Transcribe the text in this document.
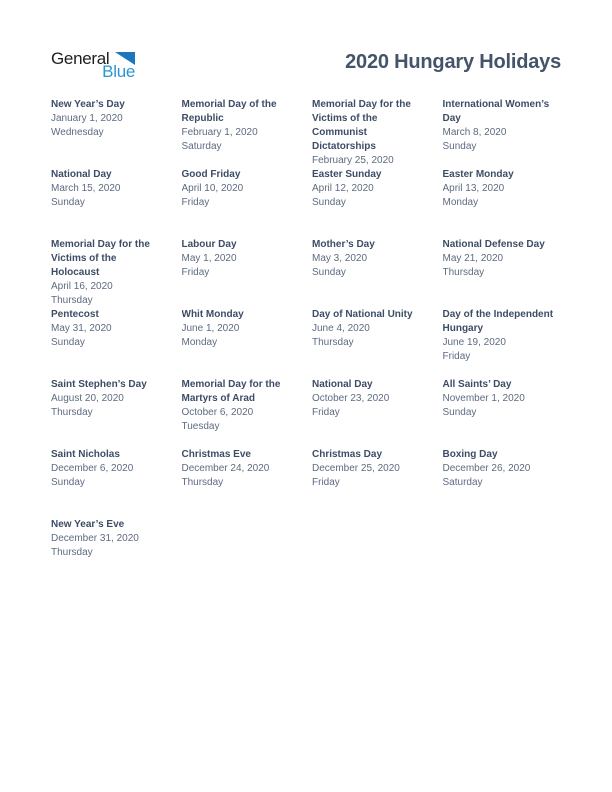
General
Blue	2020 Hungary Holidays
New Year’s Day
January 1, 2020
Wednesday
Memorial Day of the Republic
February 1, 2020
Saturday
Memorial Day for the Victims of the Communist Dictatorships
February 25, 2020
International Women’s Day
March 8, 2020
Sunday
National Day
March 15, 2020
Sunday
Good Friday
April 10, 2020
Friday
Easter Sunday
April 12, 2020
Sunday
Easter Monday
April 13, 2020
Monday
Memorial Day for the Victims of the Holocaust
April 16, 2020
Thursday
Labour Day
May 1, 2020
Friday
Mother’s Day
May 3, 2020
Sunday
National Defense Day
May 21, 2020
Thursday
Pentecost
May 31, 2020
Sunday
Whit Monday
June 1, 2020
Monday
Day of National Unity
June 4, 2020
Thursday
Day of the Independent Hungary
June 19, 2020
Friday
Saint Stephen’s Day
August 20, 2020
Thursday
Memorial Day for the Martyrs of Arad
October 6, 2020
Tuesday
National Day
October 23, 2020
Friday
All Saints’ Day
November 1, 2020
Sunday
Saint Nicholas
December 6, 2020
Sunday
Christmas Eve
December 24, 2020
Thursday
Christmas Day
December 25, 2020
Friday
Boxing Day
December 26, 2020
Saturday
New Year’s Eve
December 31, 2020
Thursday
